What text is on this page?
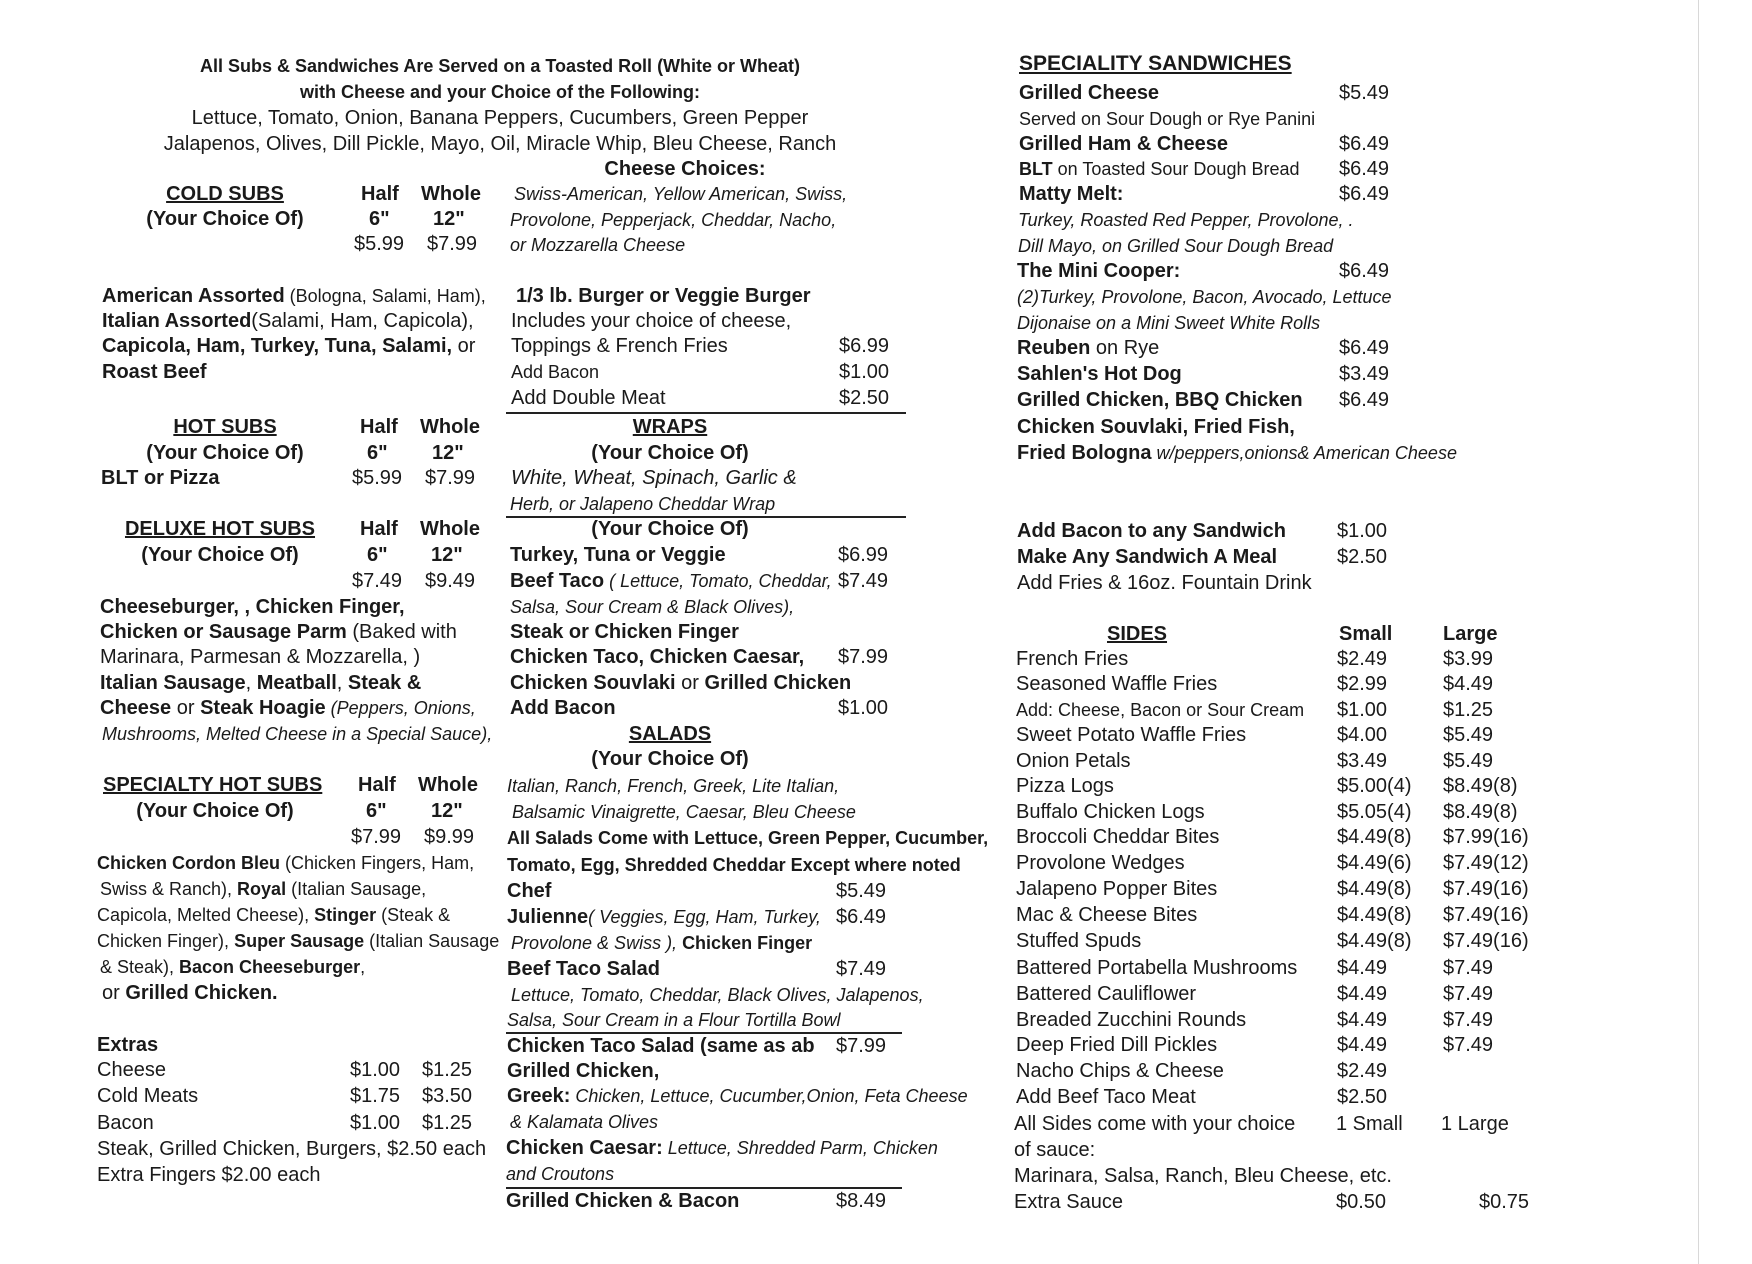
All Subs & Sandwiches Are Served on a Toasted Roll (White or Wheat)
with Cheese and your Choice of the Following:
Lettuce, Tomato, Onion, Banana Peppers, Cucumbers, Green Pepper
Jalapenos, Olives, Dill Pickle, Mayo, Oil, Miracle Whip, Bleu Cheese, Ranch
Cheese Choices:
Swiss-American, Yellow American, Swiss,
Provolone, Pepperjack, Cheddar, Nacho,
or Mozzarella Cheese
COLD SUBS	Half Whole
(Your Choice Of)	6" 12"
$5.99 $7.99
American Assorted (Bologna, Salami, Ham),
Italian Assorted(Salami, Ham, Capicola),
Capicola, Ham, Turkey, Tuna, Salami, or
Roast Beef
HOT SUBS	Half Whole
(Your Choice Of)	6" 12"
BLT or Pizza	$5.99 $7.99
DELUXE HOT SUBS	Half Whole
(Your Choice Of)	6" 12"
$7.49 $9.49
Cheeseburger, , Chicken Finger,
Chicken or Sausage Parm (Baked with
Marinara, Parmesan & Mozzarella, )
Italian Sausage, Meatball, Steak &
Cheese or Steak Hoagie (Peppers, Onions,
Mushrooms, Melted Cheese in a Special Sauce),
SPECIALTY HOT SUBS Half Whole
(Your Choice Of)	6" 12"
$7.99 $9.99
Chicken Cordon Bleu (Chicken Fingers, Ham,
Swiss & Ranch), Royal (Italian Sausage,
Capicola, Melted Cheese), Stinger (Steak &
Chicken Finger), Super Sausage (Italian Sausage
& Steak), Bacon Cheeseburger,
or Grilled Chicken.
Extras
Cheese	$1.00 $1.25
Cold Meats	$1.75 $3.50
Bacon	$1.00 $1.25
Steak, Grilled Chicken, Burgers, $2.50 each
Extra Fingers $2.00 each
1/3 lb. Burger or Veggie Burger
Includes your choice of cheese,
Toppings & French Fries	$6.99
Add Bacon	$1.00
Add Double Meat	$2.50
WRAPS
(Your Choice Of)
White, Wheat, Spinach, Garlic &
Herb, or Jalapeno Cheddar Wrap
(Your Choice Of)
Turkey, Tuna or Veggie	$6.99
Beef Taco ( Lettuce, Tomato, Cheddar, $7.49
Salsa, Sour Cream & Black Olives),
Steak or Chicken Finger
Chicken Taco, Chicken Caesar, $7.99
Chicken Souvlaki or Grilled Chicken
Add Bacon	$1.00
SALADS
(Your Choice Of)
Italian, Ranch, French, Greek, Lite Italian,
Balsamic Vinaigrette, Caesar, Bleu Cheese
All Salads Come with Lettuce, Green Pepper, Cucumber,
Tomato, Egg, Shredded Cheddar Except where noted
Chef	$5.49
Julienne( Veggies, Egg, Ham, Turkey, $6.49
Provolone & Swiss ), Chicken Finger
Beef Taco Salad	$7.49
Lettuce, Tomato, Cheddar, Black Olives, Jalapenos,
Salsa, Sour Cream in a Flour Tortilla Bowl
Chicken Taco Salad (same as ab	$7.99
Grilled Chicken,
Greek: Chicken, Lettuce, Cucumber,Onion, Feta Cheese
& Kalamata Olives
Chicken Caesar: Lettuce, Shredded Parm, Chicken
and Croutons
Grilled Chicken & Bacon	$8.49
SPECIALITY SANDWICHES
Grilled Cheese	$5.49
Served on Sour Dough or Rye Panini
Grilled Ham & Cheese	$6.49
BLT on Toasted Sour Dough Bread $6.49
Matty Melt:	$6.49
Turkey, Roasted Red Pepper, Provolone, .
Dill Mayo, on Grilled Sour Dough Bread
The Mini Cooper:	$6.49
(2)Turkey, Provolone, Bacon, Avocado, Lettuce
Dijonaise on a Mini Sweet White Rolls
Reuben on Rye	$6.49
Sahlen's Hot Dog	$3.49
Grilled Chicken, BBQ Chicken $6.49
Chicken Souvlaki, Fried Fish,
Fried Bologna w/peppers,onions& American Cheese
Add Bacon to any Sandwich	$1.00
Make Any Sandwich A Meal	$2.50
Add Fries & 16oz. Fountain Drink
SIDES	Small	Large
French Fries	$2.49	$3.99
Seasoned Waffle Fries	$2.99	$4.49
Add: Cheese, Bacon or Sour Cream $1.00	$1.25
Sweet Potato Waffle Fries	$4.00	$5.49
Onion Petals	$3.49	$5.49
Pizza Logs	$5.00(4) $8.49(8)
Buffalo Chicken Logs	$5.05(4) $8.49(8)
Broccoli Cheddar Bites	$4.49(8) $7.99(16)
Provolone Wedges	$4.49(6) $7.49(12)
Jalapeno Popper Bites	$4.49(8) $7.49(16)
Mac & Cheese Bites	$4.49(8) $7.49(16)
Stuffed Spuds	$4.49(8) $7.49(16)
Battered Portabella Mushrooms $4.49	$7.49
Battered Cauliflower	$4.49	$7.49
Breaded Zucchini Rounds	$4.49	$7.49
Deep Fried Dill Pickles	$4.49	$7.49
Nacho Chips & Cheese	$2.49
Add Beef Taco Meat	$2.50
All Sides come with your choice 1 Small 1 Large
of sauce:
Marinara, Salsa, Ranch, Bleu Cheese, etc.
Extra Sauce	$0.50	$0.75
